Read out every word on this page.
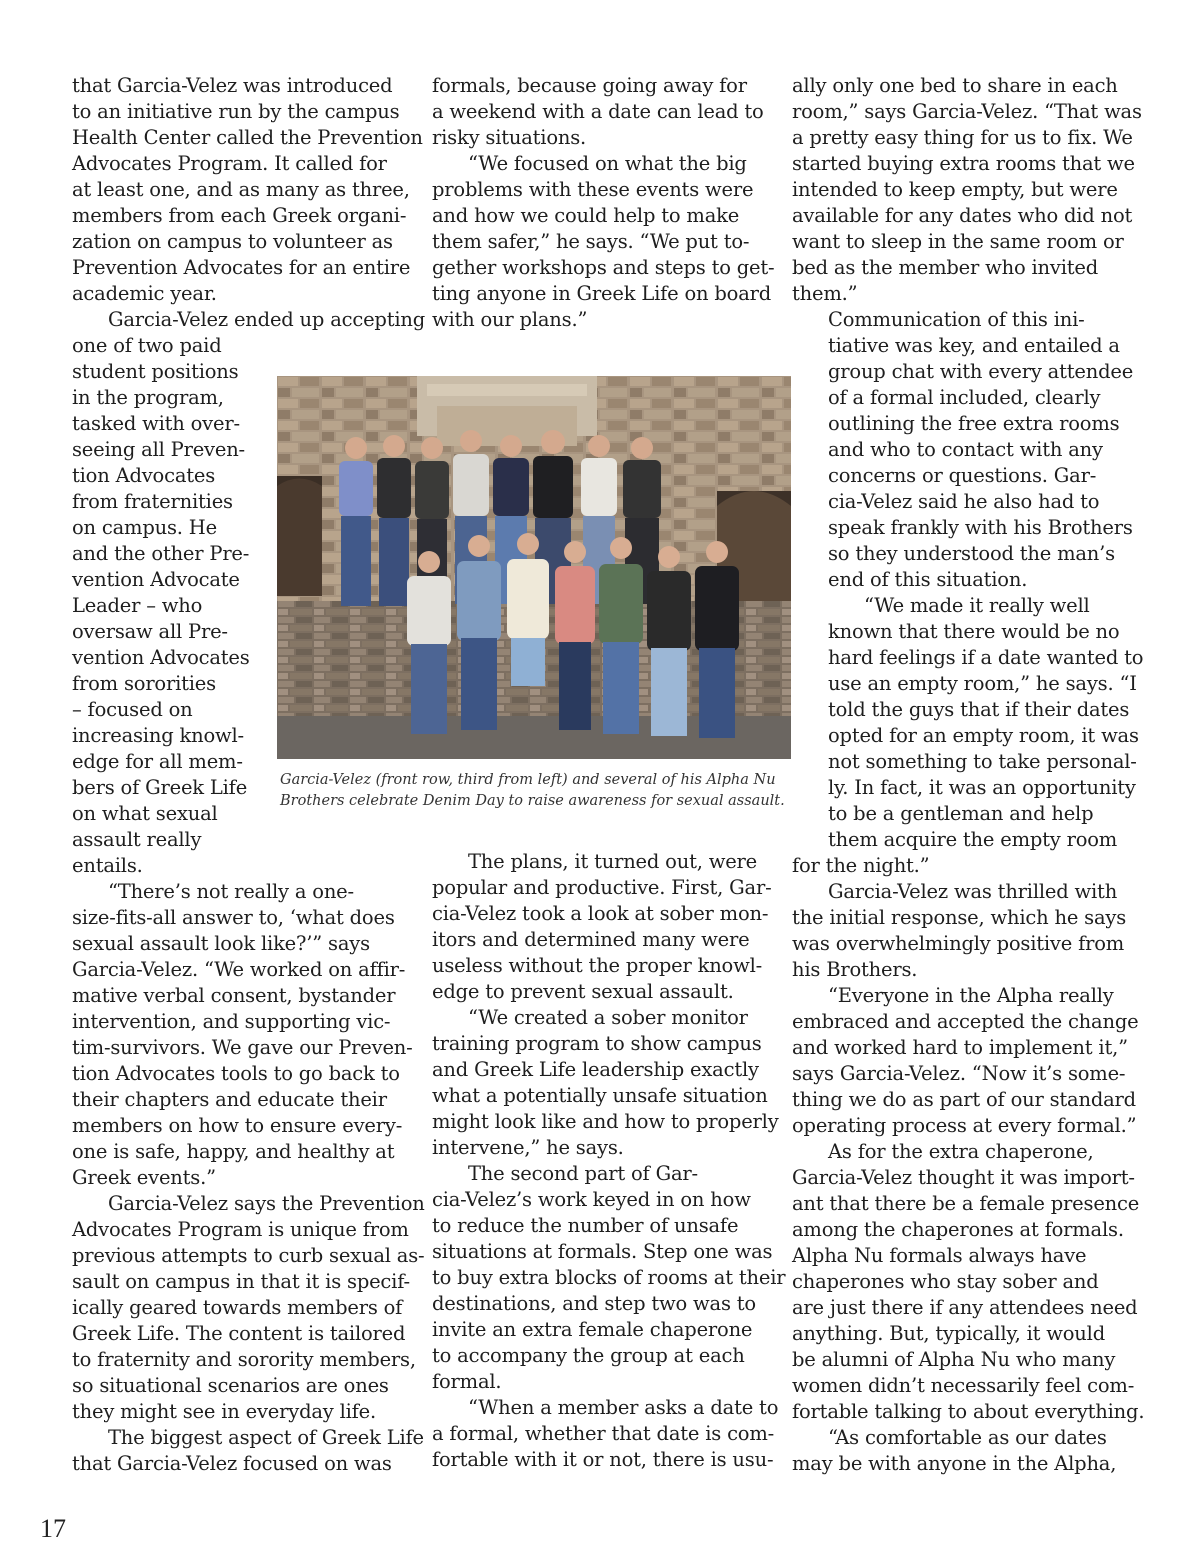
that Garcia-Velez was introduced
to an initiative run by the campus
Health Center called the Prevention
Advocates Program. It called for
at least one, and as many as three,
members from each Greek organi-
zation on campus to volunteer as
Prevention Advocates for an entire
academic year.
Garcia-Velez ended up accepting
one of two paid
student positions
in the program,
tasked with over-
seeing all Preven-
tion Advocates
from fraternities
on campus. He
and the other Pre-
vention Advocate
Leader – who
oversaw all Pre-
vention Advocates
from sororities
– focused on
increasing knowl-
edge for all mem-
bers of Greek Life
on what sexual
assault really
entails.
“There’s not really a one-
size-fits-all answer to, ‘what does
sexual assault look like?’” says
Garcia-Velez. “We worked on affir-
mative verbal consent, bystander
intervention, and supporting vic-
tim-survivors. We gave our Preven-
tion Advocates tools to go back to
their chapters and educate their
members on how to ensure every-
one is safe, happy, and healthy at
Greek events.”
Garcia-Velez says the Prevention
Advocates Program is unique from
previous attempts to curb sexual as-
sault on campus in that it is specif-
ically geared towards members of
Greek Life. The content is tailored
to fraternity and sorority members,
so situational scenarios are ones
they might see in everyday life.
The biggest aspect of Greek Life
that Garcia-Velez focused on was
formals, because going away for
a weekend with a date can lead to
risky situations.
“We focused on what the big
problems with these events were
and how we could help to make
them safer,” he says. “We put to-
gether workshops and steps to get-
ting anyone in Greek Life on board
with our plans.”
Garcia-Velez (front row, third from left) and several of his Alpha Nu
Brothers celebrate Denim Day to raise awareness for sexual assault.
The plans, it turned out, were
popular and productive. First, Gar-
cia-Velez took a look at sober mon-
itors and determined many were
useless without the proper knowl-
edge to prevent sexual assault.
“We created a sober monitor
training program to show campus
and Greek Life leadership exactly
what a potentially unsafe situation
might look like and how to properly
intervene,” he says.
The second part of Gar-
cia-Velez’s work keyed in on how
to reduce the number of unsafe
situations at formals. Step one was
to buy extra blocks of rooms at their
destinations, and step two was to
invite an extra female chaperone
to accompany the group at each
formal.
“When a member asks a date to
a formal, whether that date is com-
fortable with it or not, there is usu-
ally only one bed to share in each
room,” says Garcia-Velez. “That was
a pretty easy thing for us to fix. We
started buying extra rooms that we
intended to keep empty, but were
available for any dates who did not
want to sleep in the same room or
bed as the member who invited
them.”
Communication of this ini-
tiative was key, and entailed a
group chat with every attendee
of a formal included, clearly
outlining the free extra rooms
and who to contact with any
concerns or questions. Gar-
cia-Velez said he also had to
speak frankly with his Brothers
so they understood the man’s
end of this situation.
“We made it really well
known that there would be no
hard feelings if a date wanted to
use an empty room,” he says. “I
told the guys that if their dates
opted for an empty room, it was
not something to take personal-
ly. In fact, it was an opportunity
to be a gentleman and help
them acquire the empty room
for the night.”
Garcia-Velez was thrilled with
the initial response, which he says
was overwhelmingly positive from
his Brothers.
“Everyone in the Alpha really
embraced and accepted the change
and worked hard to implement it,”
says Garcia-Velez. “Now it’s some-
thing we do as part of our standard
operating process at every formal.”
As for the extra chaperone,
Garcia-Velez thought it was import-
ant that there be a female presence
among the chaperones at formals.
Alpha Nu formals always have
chaperones who stay sober and
are just there if any attendees need
anything. But, typically, it would
be alumni of Alpha Nu who many
women didn’t necessarily feel com-
fortable talking to about everything.
“As comfortable as our dates
may be with anyone in the Alpha,
17
